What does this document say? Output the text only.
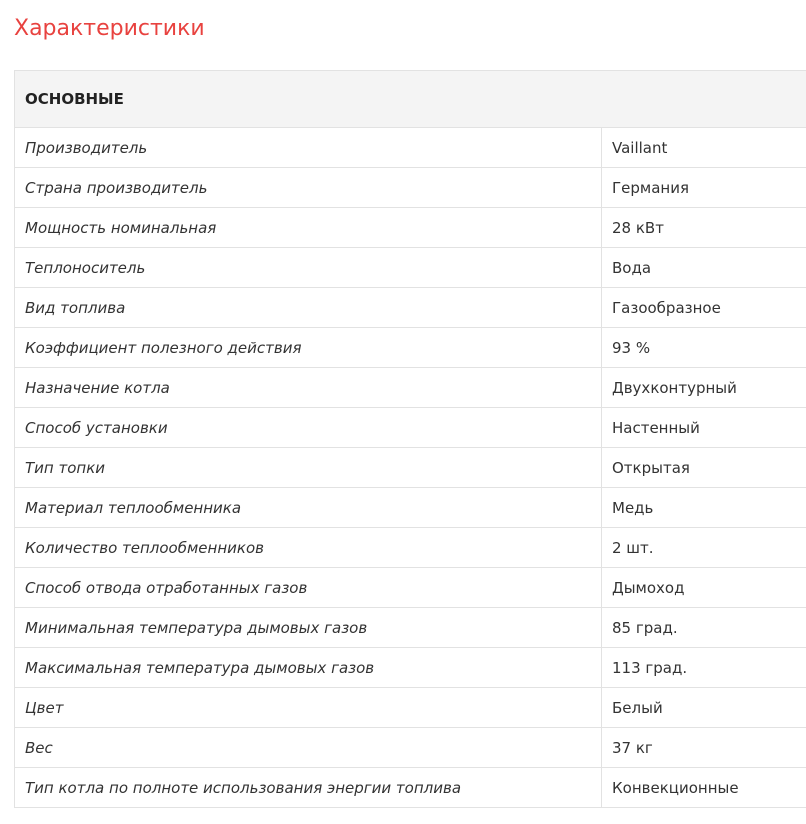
Характеристики
ОСНОВНЫЕ	
Производитель	Vaillant
Страна производитель	Германия
Мощность номинальная	28 кВт
Теплоноситель	Вода
Вид топлива	Газообразное
Коэффициент полезного действия	93 %
Назначение котла	Двухконтурный
Способ установки	Настенный
Тип топки	Открытая
Материал теплообменника	Медь
Количество теплообменников	2 шт.
Способ отвода отработанных газов	Дымоход
Минимальная температура дымовых газов	85 град.
Максимальная температура дымовых газов	113 град.
Цвет	Белый
Вес	37 кг
Тип котла по полноте использования энергии топлива	Конвекционные
